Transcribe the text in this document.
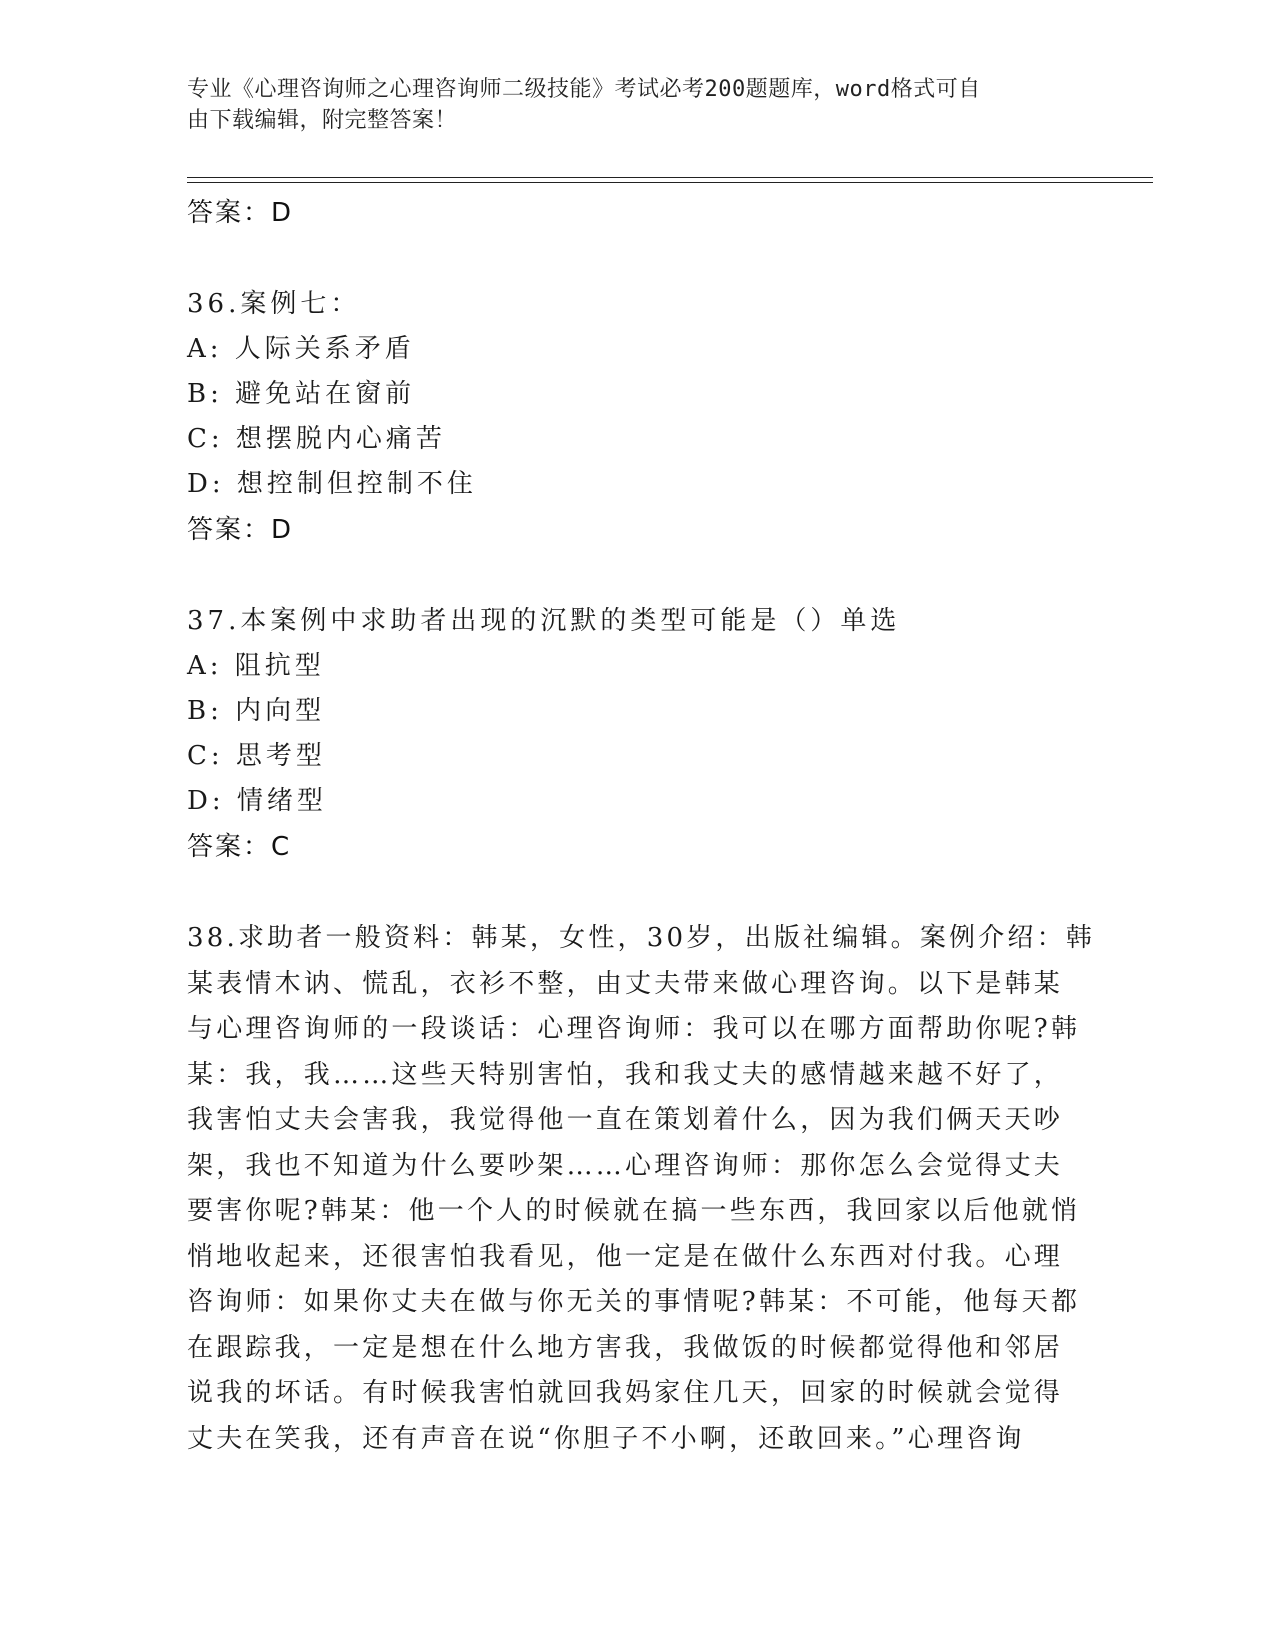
专业《心理咨询师之心理咨询师二级技能》考试必考200题题库，word格式可自
由下载编辑，附完整答案！

答案：D

36.案例七：

A: 人际关系矛盾

B: 避免站在窗前

C: 想摆脱内心痛苦

D: 想控制但控制不住

答案：D

37.本案例中求助者出现的沉默的类型可能是（）单选

A: 阻抗型

B: 内向型

C: 思考型

D: 情绪型

答案：C

38.求助者一般资料：韩某，女性，30岁，出版社编辑。案例介绍：韩
某表情木讷、慌乱，衣衫不整，由丈夫带来做心理咨询。以下是韩某
与心理咨询师的一段谈话：心理咨询师：我可以在哪方面帮助你呢?韩
某：我，我……这些天特别害怕，我和我丈夫的感情越来越不好了，
我害怕丈夫会害我，我觉得他一直在策划着什么，因为我们俩天天吵
架，我也不知道为什么要吵架……心理咨询师：那你怎么会觉得丈夫
要害你呢?韩某：他一个人的时候就在搞一些东西，我回家以后他就悄
悄地收起来，还很害怕我看见，他一定是在做什么东西对付我。心理
咨询师：如果你丈夫在做与你无关的事情呢?韩某：不可能，他每天都
在跟踪我，一定是想在什么地方害我，我做饭的时候都觉得他和邻居
说我的坏话。有时候我害怕就回我妈家住几天，回家的时候就会觉得
丈夫在笑我，还有声音在说“你胆子不小啊，还敢回来。”心理咨询
